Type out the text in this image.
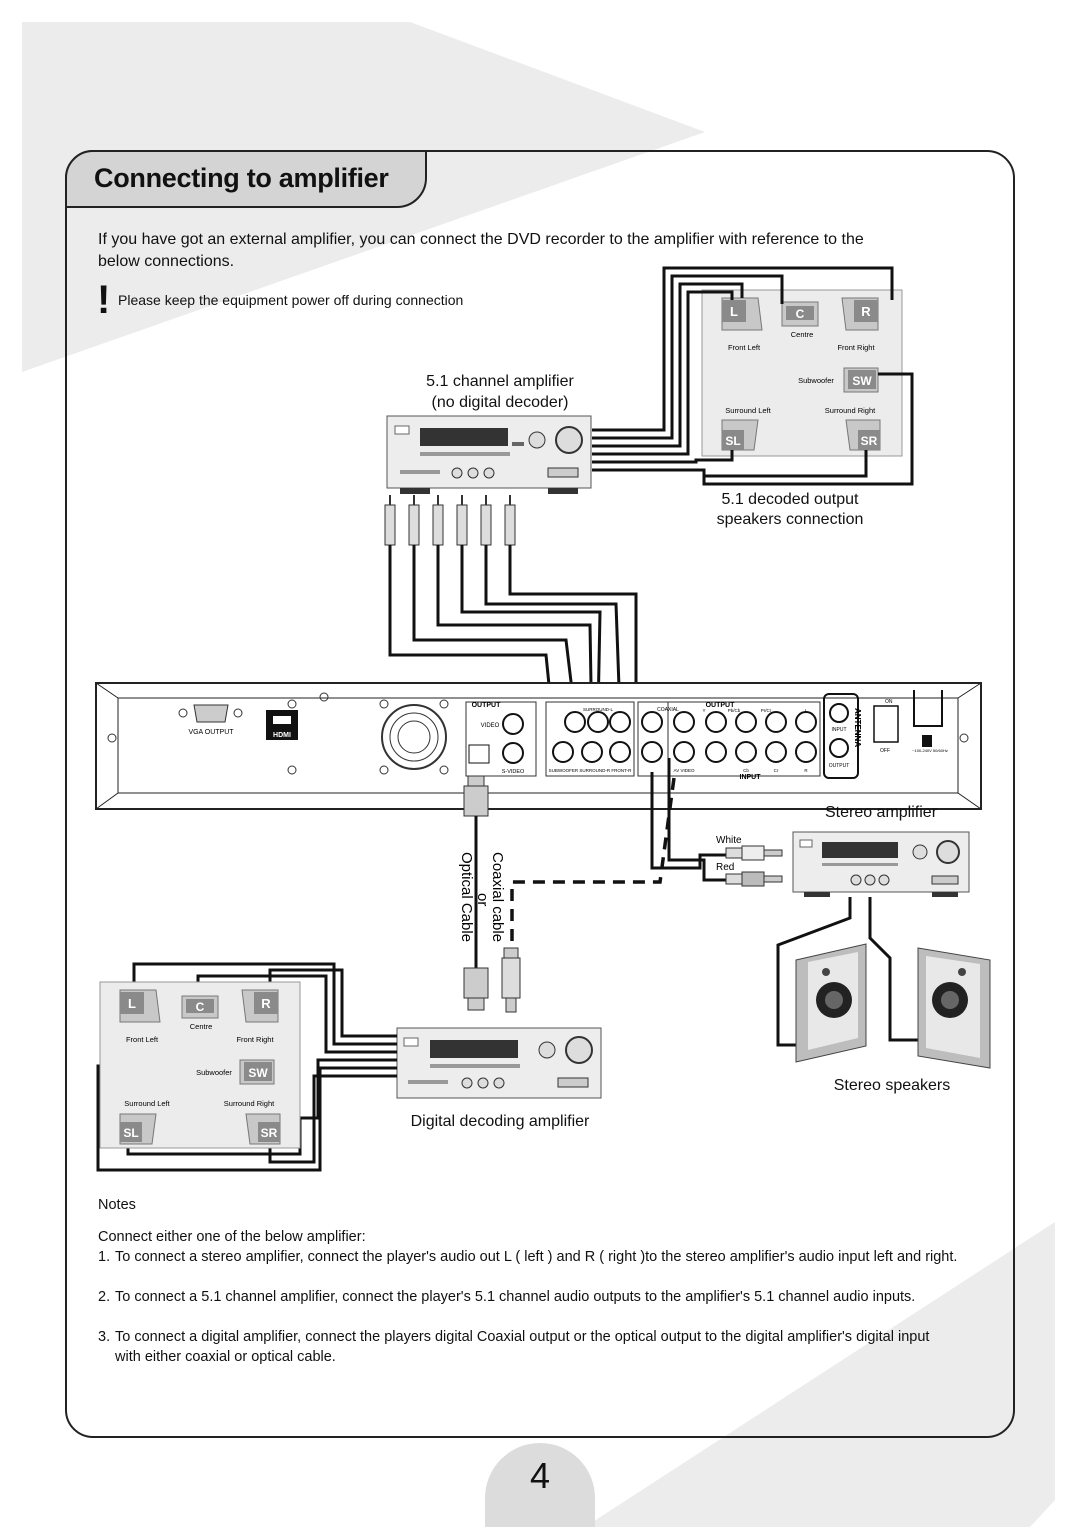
Connecting to amplifier
If you have got an external amplifier, you can connect the DVD recorder to the amplifier with reference to the below connections.
! Please keep the equipment power off during connection
L
Front Left
C
Centre
R
Front Right
SW
Subwoofer
Surround Left
SL
Surround Right
SR
VGA OUTPUT	HDMI
OUTPUT
VIDEO
S-VIDEO
SURROUND-L
SUBWOOFER SURROUND-R FRONT-R
COAXIAL
OUTPUT
Y	Pb/Cb	Pr/Cr	L
AV VIDEO	Cb	Cr	R
INPUT
INPUT
OUTPUT
ANTENNA
ON
OFF	~100-240V 50/60Hz
Optical Cable or
Coaxial cable
White
Red
L
Front Left
C
Centre
R
Front Right
SW
Subwoofer
Surround Left
SL
Surround Right
SR
5.1 channel amplifier
(no digital decoder)
5.1 decoded output
speakers connection
Stereo amplifier
Stereo speakers
Digital decoding amplifier

Notes

Connect either one of the below amplifier:

1. To connect a stereo amplifier, connect the player's audio out L ( left ) and R ( right )to the stereo amplifier's audio input left and right.
2. To connect a 5.1 channel amplifier, connect the player's 5.1 channel audio outputs to the amplifier's 5.1 channel audio inputs.
3. To connect a digital amplifier, connect the players digital Coaxial output or the optical output to the digital amplifier's digital input with either coaxial or optical cable.
4
